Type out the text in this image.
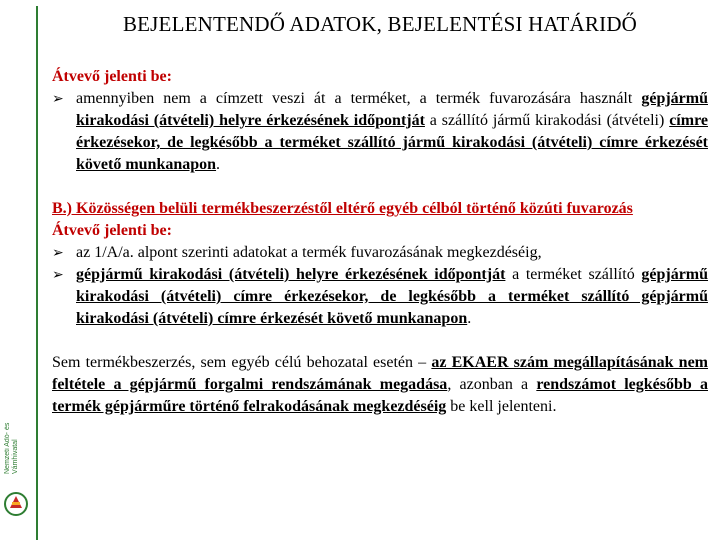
Nemzeti Adó- és Vámhivatal
BEJELENTENDŐ ADATOK, BEJELENTÉSI HATÁRIDŐ
Átvevő jelenti be:
➢ amennyiben nem a címzett veszi át a terméket, a termék fuvarozására használt gépjármű kirakodási (átvételi) helyre érkezésének időpontját a szállító jármű kirakodási (átvételi) címre érkezésekor, de legkésőbb a terméket szállító jármű kirakodási (átvételi) címre érkezését követő munkanapon.
B.) Közösségen belüli termékbeszerzéstől eltérő egyéb célból történő közúti fuvarozás
Átvevő jelenti be:
➢ az 1/A/a. alpont szerinti adatokat a termék fuvarozásának megkezdéséig,
➢ gépjármű kirakodási (átvételi) helyre érkezésének időpontját a terméket szállító gépjármű kirakodási (átvételi) címre érkezésekor, de legkésőbb a terméket szállító gépjármű kirakodási (átvételi) címre érkezését követő munkanapon.
Sem termékbeszerzés, sem egyéb célú behozatal esetén – az EKAER szám megállapításának nem feltétele a gépjármű forgalmi rendszámának megadása, azonban a rendszámot legkésőbb a termék gépjárműre történő felrakodásának megkezdéséig be kell jelenteni.
